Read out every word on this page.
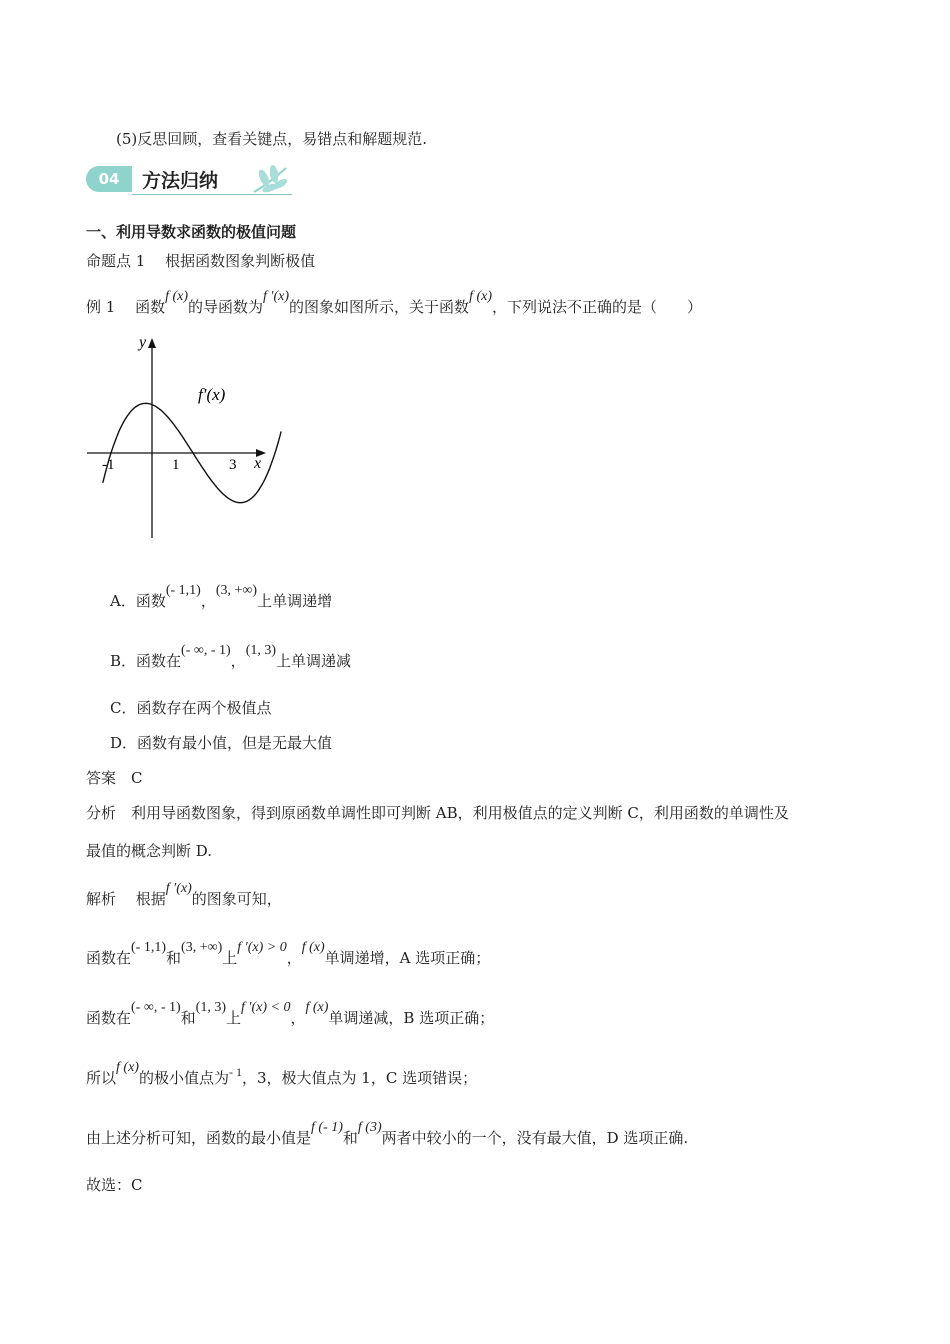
(5)反思回顾，查看关键点，易错点和解题规范.
04	方法归纳
一、利用导数求函数的极值问题
命题点 1　 根据函数图象判断极值
例 1　 函数f (x)的导函数为f ′(x)的图象如图所示，关于函数f (x)，下列说法不正确的是（　　）
y
x
-1	1	3
f′(x)
A．函数(- 1,1)，(3, +∞)上单调递增
B．函数在(- ∞, - 1)，(1, 3)上单调递减
C．函数存在两个极值点
D．函数有最小值，但是无最大值
答案　C
分析　利用导函数图象，得到原函数单调性即可判断 AB，利用极值点的定义判断 C，利用函数的单调性及
最值的概念判断 D.
解析　 根据f ′(x)的图象可知，
函数在(- 1,1)和(3, +∞)上f ′(x) > 0，f (x)单调递增，A 选项正确；
函数在(- ∞, - 1)和(1, 3)上f ′(x) < 0，f (x)单调递减，B 选项正确；
所以f (x)的极小值点为$^{- 1}$，3，极大值点为 1，C 选项错误；
由上述分析可知，函数的最小值是f (- 1)和f (3)两者中较小的一个，没有最大值，D 选项正确.
故选：C
